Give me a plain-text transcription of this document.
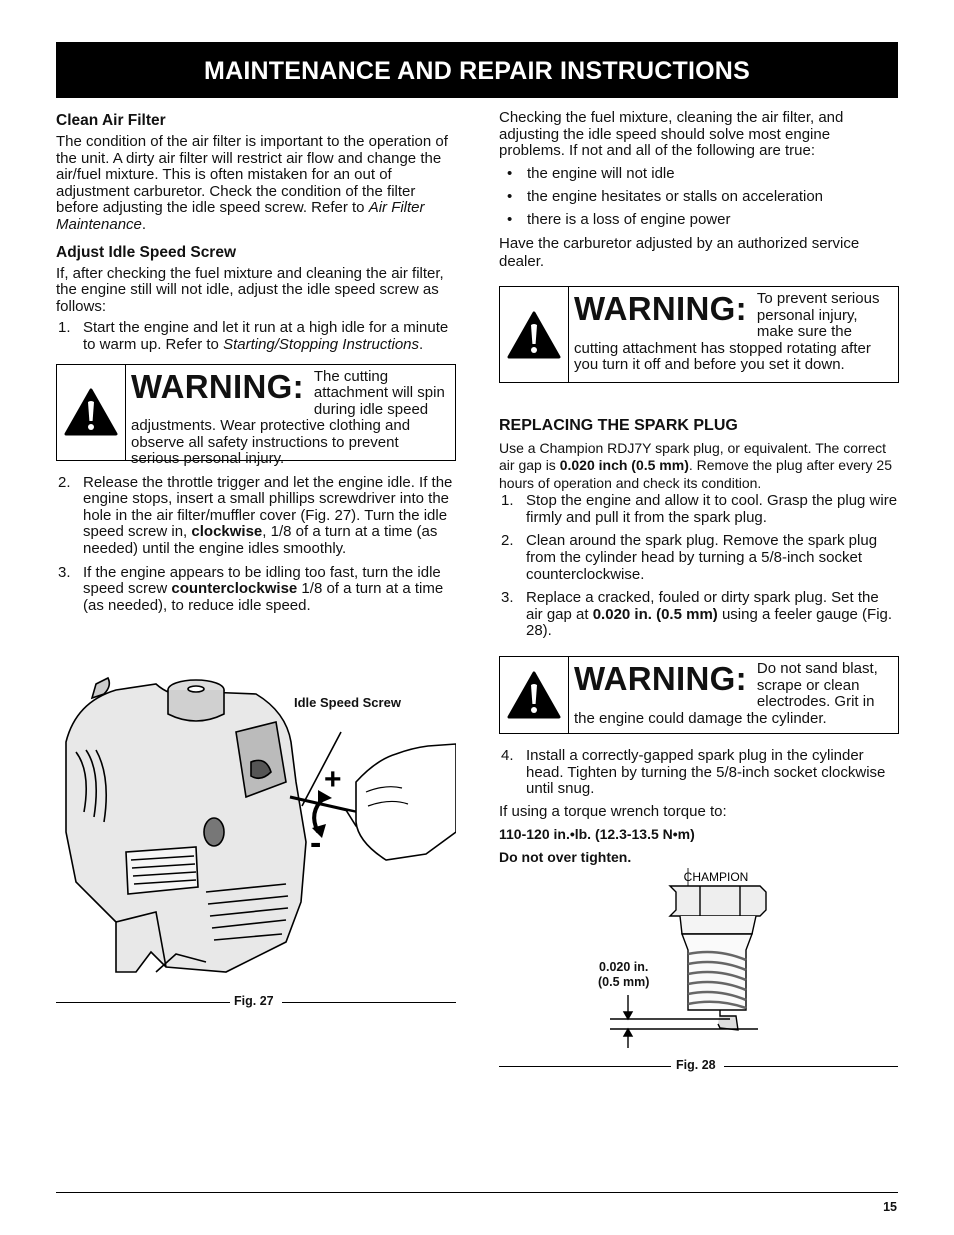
MAINTENANCE AND REPAIR INSTRUCTIONS
Clean Air Filter

The condition of the air filter is important to the operation of the unit. A dirty air filter will restrict air flow and change the air/fuel mixture. This is often mistaken for an out of adjustment carburetor. Check the condition of the filter before adjusting the idle speed screw. Refer to Air Filter Maintenance.

Adjust Idle Speed Screw

If, after checking the fuel mixture and cleaning the air filter, the engine still will not idle, adjust the idle speed screw as follows:

1. Start the engine and let it run at a high idle for a minute to warm up. Refer to Starting/Stopping Instructions.
WARNING: The cutting attachment will spin during idle speed adjustments. Wear protective clothing and observe all safety instructions to prevent serious personal injury.
2. Release the throttle trigger and let the engine idle. If the engine stops, insert a small phillips screwdriver into the hole in the air filter/muffler cover (Fig. 27). Turn the idle speed screw in, clockwise, 1/8 of a turn at a time (as needed) until the engine idles smoothly.
3. If the engine appears to be idling too fast, turn the idle speed screw counterclockwise 1/8 of a turn at a time (as needed), to reduce idle speed.
+
-
Idle Speed Screw
Fig. 27

Checking the fuel mixture, cleaning the air filter, and adjusting the idle speed should solve most engine problems. If not and all of the following are true:

• the engine will not idle
• the engine hesitates or stalls on acceleration
• there is a loss of engine power

Have the carburetor adjusted by an authorized service dealer.

WARNING: To prevent serious personal injury, make sure the cutting attachment has stopped rotating after you turn it off and before you set it down.
REPLACING THE SPARK PLUG

Use a Champion RDJ7Y spark plug, or equivalent. The correct air gap is 0.020 inch (0.5 mm). Remove the plug after every 25 hours of operation and check its condition.

1. Stop the engine and allow it to cool. Grasp the plug wire firmly and pull it from the spark plug.
2. Clean around the spark plug. Remove the spark plug from the cylinder head by turning a 5/8-inch socket counterclockwise.
3. Replace a cracked, fouled or dirty spark plug. Set the air gap at 0.020 in. (0.5 mm) using a feeler gauge (Fig. 28).
WARNING: Do not sand blast, scrape or clean electrodes. Grit in the engine could damage the cylinder.
4. Install a correctly-gapped spark plug in the cylinder head. Tighten by turning the 5/8-inch socket clockwise until snug.

If using a torque wrench torque to:

110-120 in.•lb. (12.3-13.5 N•m)

Do not over tighten.

CHAMPION
0.020 in.
(0.5 mm)
Fig. 28
15
